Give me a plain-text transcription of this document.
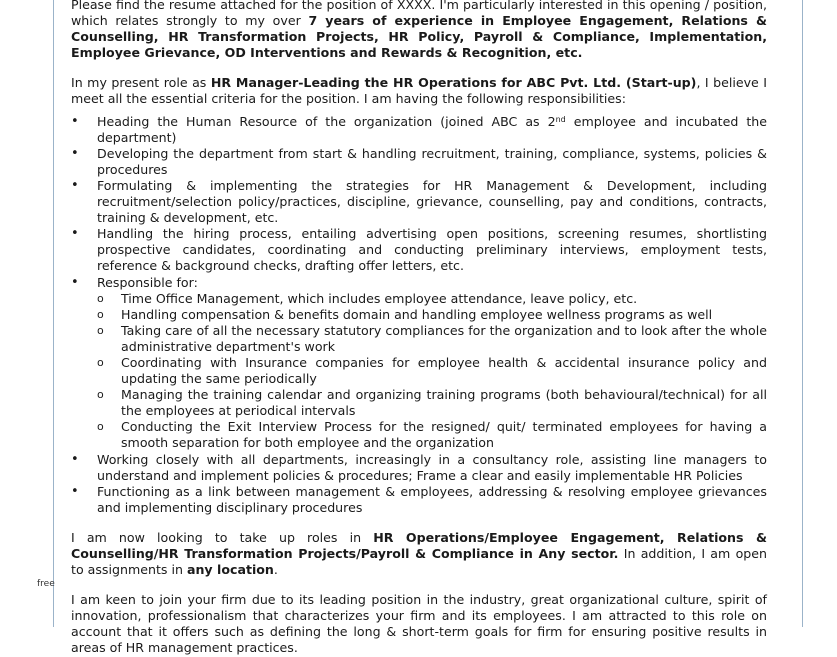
Please find the resume attached for the position of XXXX. I'm particularly interested in this opening / position, which relates strongly to my over 7 years of experience in Employee Engagement, Relations & Counselling, HR Transformation Projects, HR Policy, Payroll & Compliance, Implementation, Employee Grievance, OD Interventions and Rewards & Recognition, etc.

In my present role as HR Manager-Leading the HR Operations for ABC Pvt. Ltd. (Start-up), I believe I meet all the essential criteria for the position. I am having the following responsibilities:

• Heading the Human Resource of the organization (joined ABC as 2nd employee and incubated the department)
• Developing the department from start & handling recruitment, training, compliance, systems, policies & procedures
• Formulating & implementing the strategies for HR Management & Development, including recruitment/selection policy/practices, discipline, grievance, counselling, pay and conditions, contracts, training & development, etc.
• Handling the hiring process, entailing advertising open positions, screening resumes, shortlisting prospective candidates, coordinating and conducting preliminary interviews, employment tests, reference & background checks, drafting offer letters, etc.
• Responsible for:
o Time Office Management, which includes employee attendance, leave policy, etc.
o Handling compensation & benefits domain and handling employee wellness programs as well
o Taking care of all the necessary statutory compliances for the organization and to look after the whole administrative department's work
o Coordinating with Insurance companies for employee health & accidental insurance policy and updating the same periodically
o Managing the training calendar and organizing training programs (both behavioural/technical) for all the employees at periodical intervals
o Conducting the Exit Interview Process for the resigned/ quit/ terminated employees for having a smooth separation for both employee and the organization
• Working closely with all departments, increasingly in a consultancy role, assisting line managers to understand and implement policies & procedures; Frame a clear and easily implementable HR Policies
• Functioning as a link between management & employees, addressing & resolving employee grievances and implementing disciplinary procedures

I am now looking to take up roles in HR Operations/Employee Engagement, Relations & Counselling/HR Transformation Projects/Payroll & Compliance in Any sector. In addition, I am open to assignments in any location.

I am keen to join your firm due to its leading position in the industry, great organizational culture, spirit of innovation, professionalism that characterizes your firm and its employees. I am attracted to this role on account that it offers such as defining the long & short-term goals for firm for ensuring positive results in areas of HR management practices.

free
